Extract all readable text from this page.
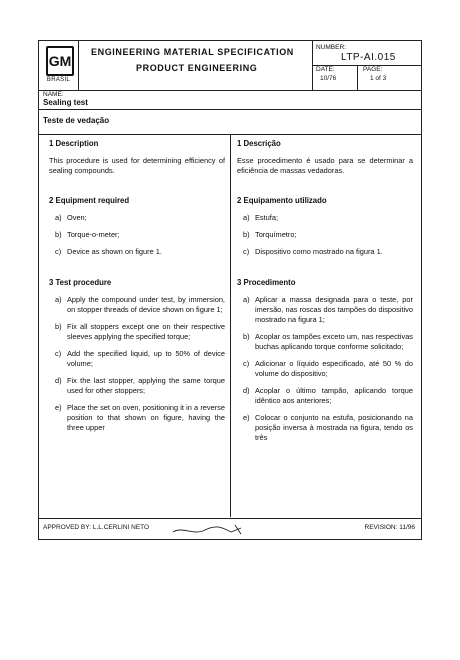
GM
BRASIL
ENGINEERING MATERIAL SPECIFICATION
PRODUCT ENGINEERING
NUMBER:
LTP-AI.015
DATE:
10/76
PAGE:
1 of 3
NAME:
Sealing test
Teste de vedação
1 Description
This procedure is used for determining efficiency of sealing compounds.
2 Equipment required
a) Oven;
b) Torque-o-meter;
c) Device as shown on figure 1.
3 Test procedure
a) Apply the compound under test, by immersion, on stopper threads of device shown on figure 1;
b) Fix all stoppers except one on their respective sleeves applying the specified torque;
c) Add the specified liquid, up to 50% of device volume;
d) Fix the last stopper, applying the same torque used for other stoppers;
e) Place the set on oven, positioning it in a reverse position to that shown on figure, having the three upper
1 Descrição
Esse procedimento é usado para se determinar a eficiência de massas vedadoras.
2 Equipamento utilizado
a) Estufa;
b) Torquímetro;
c) Dispositivo como mostrado na figura 1.
3 Procedimento
a) Aplicar a massa designada para o teste, por imersão, nas roscas dos tampões do dispositivo mostrado na figura 1;
b) Acoplar os tampões exceto um, nas respectivas buchas aplicando torque conforme solicitado;
c) Adicionar o líquido especificado, até 50 % do volume do dispositivo;
d) Acoplar o último tampão, aplicando torque idêntico aos anteriores;
e) Colocar o conjunto na estufa, posicionando na posição inversa à mostrada na figura, tendo os três
APPROVED BY: L.L.CERLINI NETO	REVISION: 11/96
